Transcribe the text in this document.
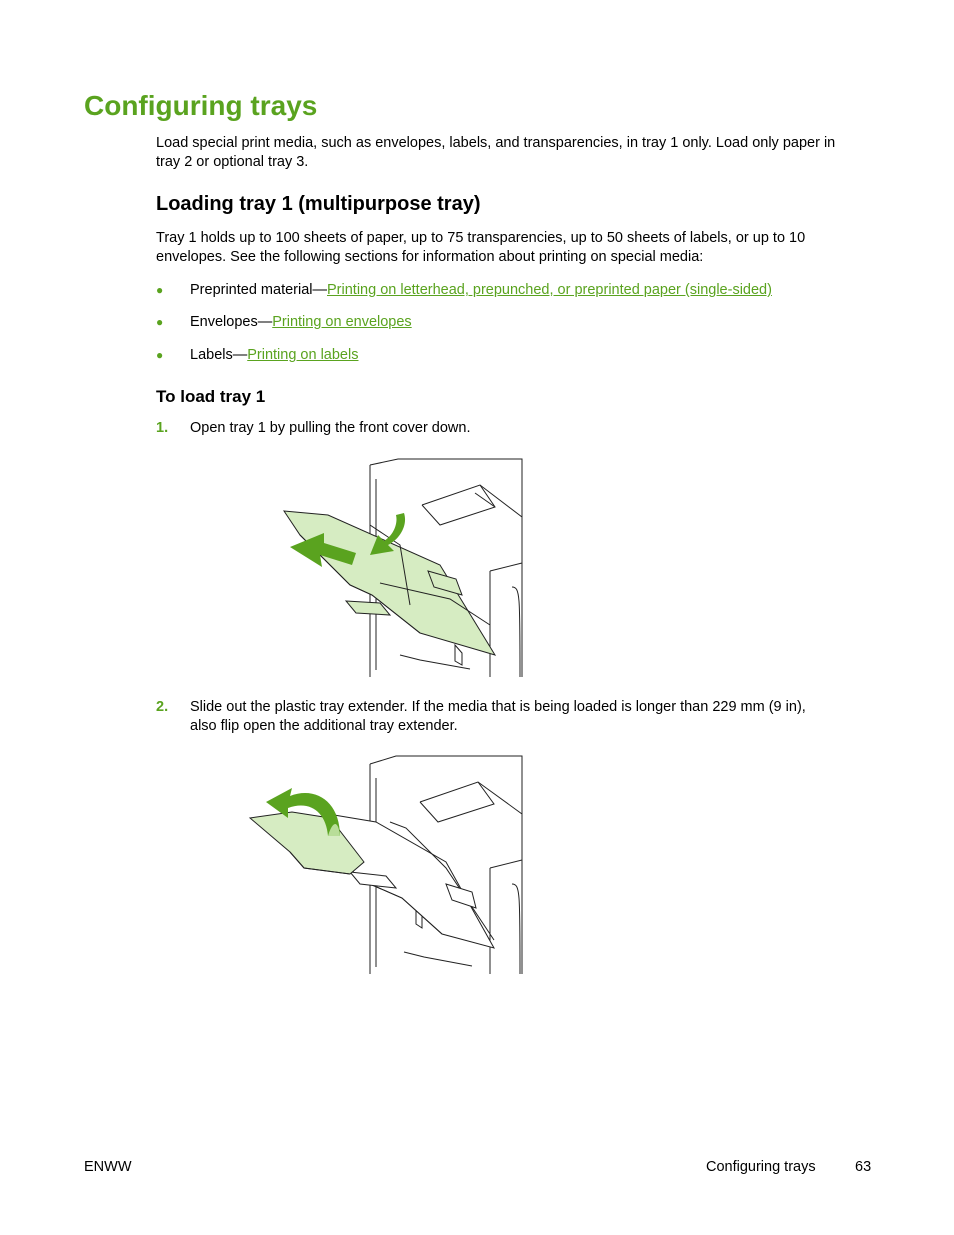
Configuring trays

Load special print media, such as envelopes, labels, and transparencies, in tray 1 only. Load only paper in tray 2 or optional tray 3.

Loading tray 1 (multipurpose tray)

Tray 1 holds up to 100 sheets of paper, up to 75 transparencies, up to 50 sheets of labels, or up to 10 envelopes. See the following sections for information about printing on special media:

● Preprinted material—Printing on letterhead, prepunched, or preprinted paper (single-sided)
● Envelopes—Printing on envelopes
● Labels—Printing on labels
To load tray 1
1. Open tray 1 by pulling the front cover down.

2. Slide out the plastic tray extender. If the media that is being loaded is longer than 229 mm (9 in), also flip open the additional tray extender.

ENWW	Configuring trays	63
